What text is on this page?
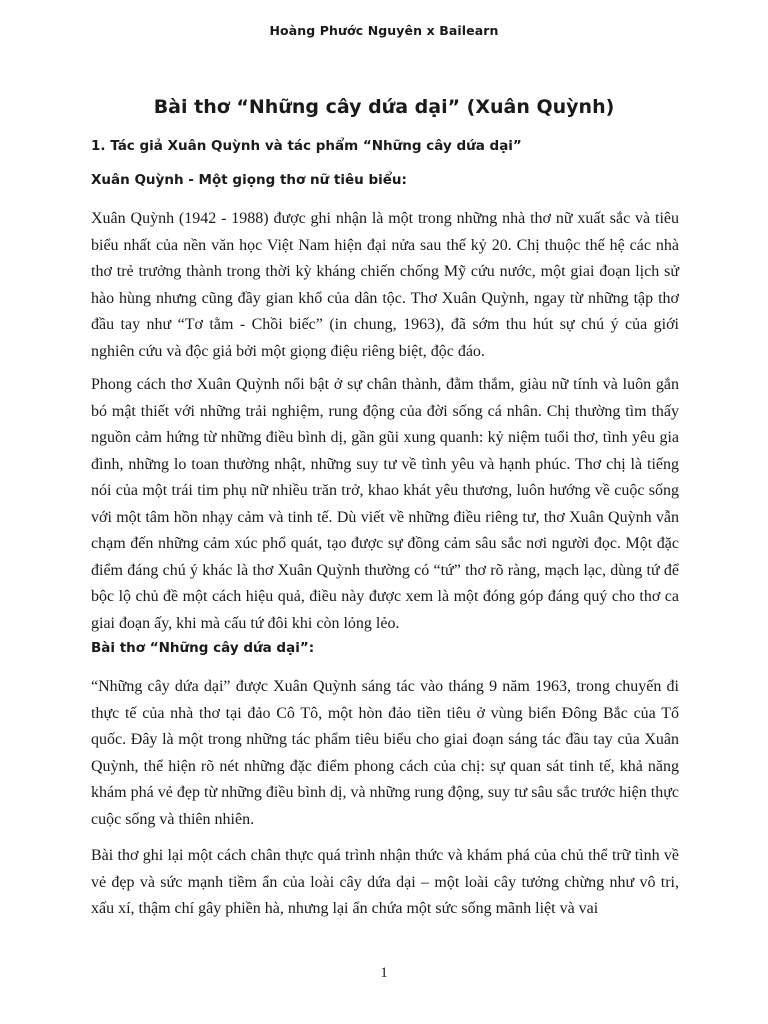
Hoàng Phước Nguyên x Bailearn
Bài thơ “Những cây dứa dại” (Xuân Quỳnh)
1. Tác giả Xuân Quỳnh và tác phẩm “Những cây dứa dại”
Xuân Quỳnh - Một giọng thơ nữ tiêu biểu:

Xuân Quỳnh (1942 - 1988) được ghi nhận là một trong những nhà thơ nữ xuất sắc và tiêu biểu nhất của nền văn học Việt Nam hiện đại nửa sau thế kỷ 20. Chị thuộc thế hệ các nhà thơ trẻ trưởng thành trong thời kỳ kháng chiến chống Mỹ cứu nước, một giai đoạn lịch sử hào hùng nhưng cũng đầy gian khổ của dân tộc. Thơ Xuân Quỳnh, ngay từ những tập thơ đầu tay như “Tơ tằm - Chồi biếc” (in chung, 1963), đã sớm thu hút sự chú ý của giới nghiên cứu và độc giả bởi một giọng điệu riêng biệt, độc đáo.

Phong cách thơ Xuân Quỳnh nổi bật ở sự chân thành, đằm thắm, giàu nữ tính và luôn gắn bó mật thiết với những trải nghiệm, rung động của đời sống cá nhân. Chị thường tìm thấy nguồn cảm hứng từ những điều bình dị, gần gũi xung quanh: kỷ niệm tuổi thơ, tình yêu gia đình, những lo toan thường nhật, những suy tư về tình yêu và hạnh phúc. Thơ chị là tiếng nói của một trái tim phụ nữ nhiều trăn trở, khao khát yêu thương, luôn hướng về cuộc sống với một tâm hồn nhạy cảm và tinh tế. Dù viết về những điều riêng tư, thơ Xuân Quỳnh vẫn chạm đến những cảm xúc phổ quát, tạo được sự đồng cảm sâu sắc nơi người đọc. Một đặc điểm đáng chú ý khác là thơ Xuân Quỳnh thường có “tứ” thơ rõ ràng, mạch lạc, dùng tứ để bộc lộ chủ đề một cách hiệu quả, điều này được xem là một đóng góp đáng quý cho thơ ca giai đoạn ấy, khi mà cấu tứ đôi khi còn lỏng lẻo.

Bài thơ “Những cây dứa dại”:

“Những cây dứa dại” được Xuân Quỳnh sáng tác vào tháng 9 năm 1963, trong chuyến đi thực tế của nhà thơ tại đảo Cô Tô, một hòn đảo tiền tiêu ở vùng biển Đông Bắc của Tổ quốc. Đây là một trong những tác phẩm tiêu biểu cho giai đoạn sáng tác đầu tay của Xuân Quỳnh, thể hiện rõ nét những đặc điểm phong cách của chị: sự quan sát tinh tế, khả năng khám phá vẻ đẹp từ những điều bình dị, và những rung động, suy tư sâu sắc trước hiện thực cuộc sống và thiên nhiên.

Bài thơ ghi lại một cách chân thực quá trình nhận thức và khám phá của chủ thể trữ tình về vẻ đẹp và sức mạnh tiềm ẩn của loài cây dứa dại – một loài cây tưởng chừng như vô tri, xấu xí, thậm chí gây phiền hà, nhưng lại ẩn chứa một sức sống mãnh liệt và vai

1
